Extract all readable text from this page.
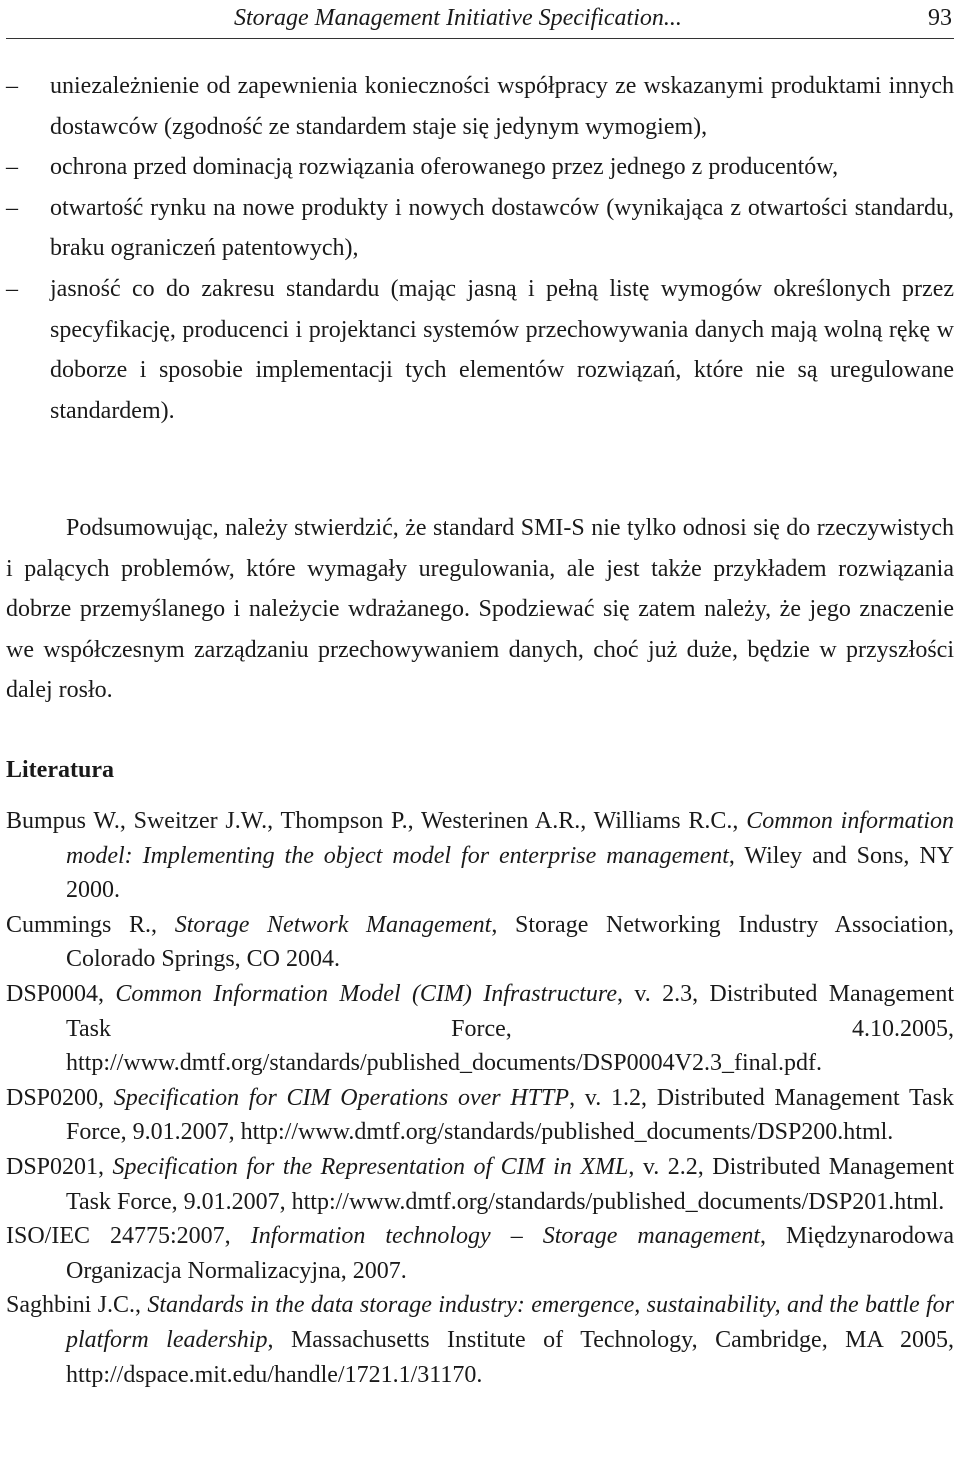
Storage Management Initiative Specification...	93
–	uniezależnienie od zapewnienia konieczności współpracy ze wskazanymi produktami innych dostawców (zgodność ze standardem staje się jedynym wymogiem),
–	ochrona przed dominacją rozwiązania oferowanego przez jednego z producentów,
–	otwartość rynku na nowe produkty i nowych dostawców (wynikająca z otwartości standardu, braku ograniczeń patentowych),
–	jasność co do zakresu standardu (mając jasną i pełną listę wymogów określonych przez specyfikację, producenci i projektanci systemów przechowywania danych mają wolną rękę w doborze i sposobie implementacji tych elementów rozwiązań, które nie są uregulowane standardem).

Podsumowując, należy stwierdzić, że standard SMI-S nie tylko odnosi się do rzeczywistych i palących problemów, które wymagały uregulowania, ale jest także przykładem rozwiązania dobrze przemyślanego i należycie wdrażanego. Spodziewać się zatem należy, że jego znaczenie we współczesnym zarządzaniu przechowywaniem danych, choć już duże, będzie w przyszłości dalej rosło.

Literatura
Bumpus W., Sweitzer J.W., Thompson P., Westerinen A.R., Williams R.C., Common information model: Implementing the object model for enterprise management, Wiley and Sons, NY 2000.
Cummings R., Storage Network Management, Storage Networking Industry Association, Colorado Springs, CO 2004.
DSP0004, Common Information Model (CIM) Infrastructure, v. 2.3, Distributed Management Task Force, 4.10.2005, http://www.dmtf.org/standards/published_documents/DSP0004V2.3_final.pdf.
DSP0200, Specification for CIM Operations over HTTP, v. 1.2, Distributed Management Task Force, 9.01.2007, http://www.dmtf.org/standards/published_documents/DSP200.html.
DSP0201, Specification for the Representation of CIM in XML, v. 2.2, Distributed Management Task Force, 9.01.2007, http://www.dmtf.org/standards/published_documents/DSP201.html.
ISO/IEC 24775:2007, Information technology – Storage management, Międzynarodowa Organizacja Normalizacyjna, 2007.
Saghbini J.C., Standards in the data storage industry: emergence, sustainability, and the battle for platform leadership, Massachusetts Institute of Technology, Cambridge, MA 2005, http://dspace.mit.edu/handle/1721.1/31170.
